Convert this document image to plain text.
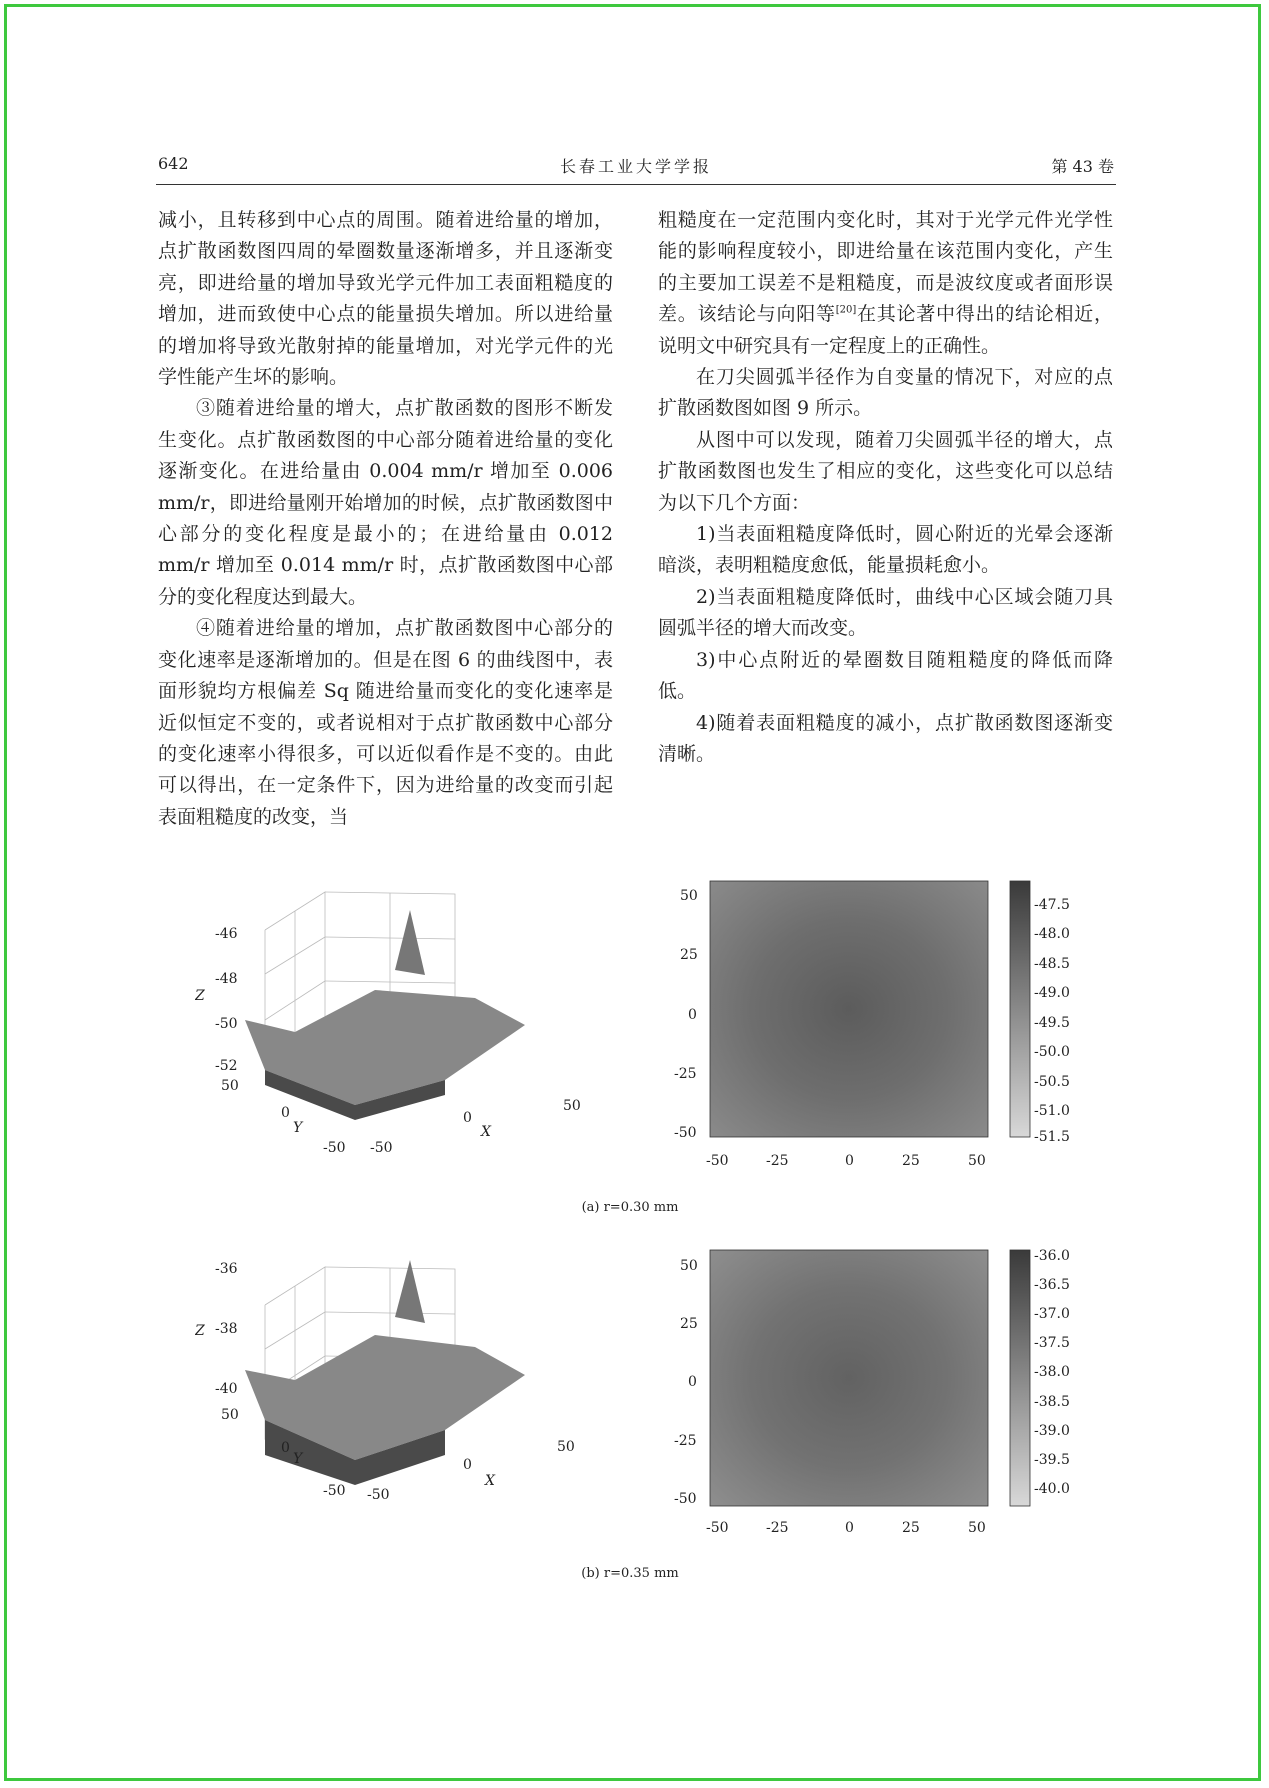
642	长春工业大学学报	第 43 卷

减小，且转移到中心点的周围。随着进给量的增加，点扩散函数图四周的晕圈数量逐渐增多，并且逐渐变亮，即进给量的增加导致光学元件加工表面粗糙度的增加，进而致使中心点的能量损失增加。所以进给量的增加将导致光散射掉的能量增加，对光学元件的光学性能产生坏的影响。

③随着进给量的增大，点扩散函数的图形不断发生变化。点扩散函数图的中心部分随着进给量的变化逐渐变化。在进给量由 0.004 mm/r 增加至 0.006 mm/r，即进给量刚开始增加的时候，点扩散函数图中心部分的变化程度是最小的；在进给量由 0.012 mm/r 增加至 0.014 mm/r 时，点扩散函数图中心部分的变化程度达到最大。

④随着进给量的增加，点扩散函数图中心部分的变化速率是逐渐增加的。但是在图 6 的曲线图中，表面形貌均方根偏差 Sq 随进给量而变化的变化速率是近似恒定不变的，或者说相对于点扩散函数中心部分的变化速率小得很多，可以近似看作是不变的。由此可以得出，在一定条件下，因为进给量的改变而引起表面粗糙度的改变，当

粗糙度在一定范围内变化时，其对于光学元件光学性能的影响程度较小，即进给量在该范围内变化，产生的主要加工误差不是粗糙度，而是波纹度或者面形误差。该结论与向阳等[20]在其论著中得出的结论相近，说明文中研究具有一定程度上的正确性。

在刀尖圆弧半径作为自变量的情况下，对应的点扩散函数图如图 9 所示。

从图中可以发现，随着刀尖圆弧半径的增大，点扩散函数图也发生了相应的变化，这些变化可以总结为以下几个方面：

1)当表面粗糙度降低时，圆心附近的光晕会逐渐暗淡，表明粗糙度愈低，能量损耗愈小。

2)当表面粗糙度降低时，曲线中心区域会随刀具圆弧半径的增大而改变。

3)中心点附近的晕圈数目随粗糙度的降低而降低。

4)随着表面粗糙度的减小，点扩散函数图逐渐变清晰。

-46
-48
-50
-52
Z
50
0
-50
Y
-50
0
50
X
50
25
0
-25
-50
-50	-25	0	25	50
-47.5
-48.0
-48.5
-49.0
-49.5
-50.0
-50.5
-51.0
-51.5
(a) r=0.30 mm
-36
-38
-40
Z
50
0
-50
Y
-50
0
50
X
50
25
0
-25
-50
-50	-25	0	25	50
-36.0
-36.5
-37.0
-37.5
-38.0
-38.5
-39.0
-39.5
-40.0
(b) r=0.35 mm
